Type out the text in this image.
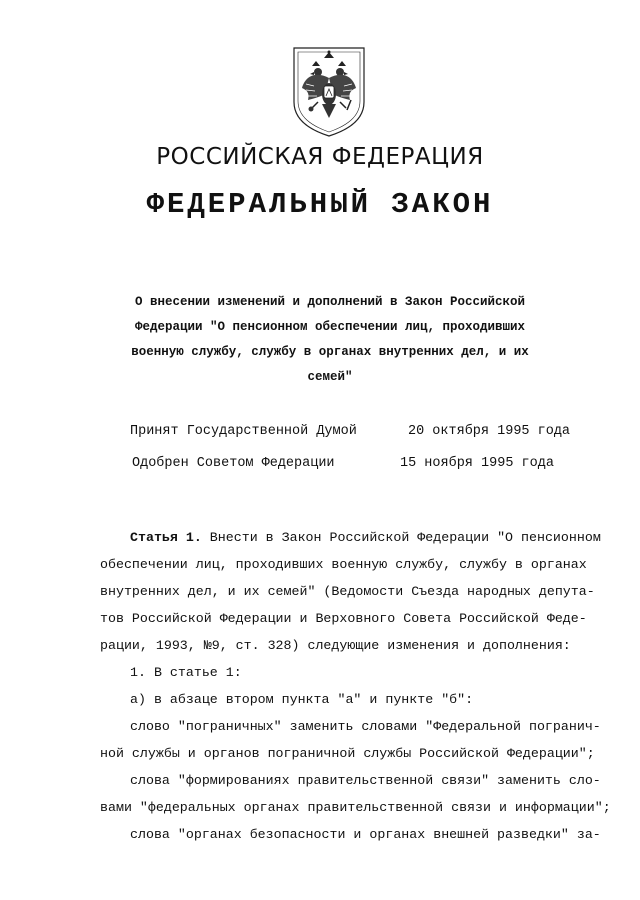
РОССИЙСКАЯ ФЕДЕРАЦИЯ
ФЕДЕРАЛЬНЫЙ ЗАКОН
О внесении изменений и дополнений в Закон Российской
Федерации "О пенсионном обеспечении лиц, проходивших
военную службу, службу в органах внутренних дел, и их
семей"
Принят Государственной Думой	20 октября 1995 года
Одобрен Советом Федерации	15 ноября 1995 года
Статья 1. Внести в Закон Российской Федерации "О пенсионном
обеспечении лиц, проходивших военную службу, службу в органах
внутренних дел, и их семей" (Ведомости Съезда народных депута-
тов Российской Федерации и Верховного Совета Российской Феде-
рации, 1993, №9, ст. 328) следующие изменения и дополнения:
1. В статье 1:
а) в абзаце втором пункта "а" и пункте "б":
слово "пограничных" заменить словами "Федеральной погранич-
ной службы и органов пограничной службы Российской Федерации";
слова "формированиях правительственной связи" заменить сло-
вами "федеральных органах правительственной связи и информации";
слова "органах безопасности и органах внешней разведки" за-
